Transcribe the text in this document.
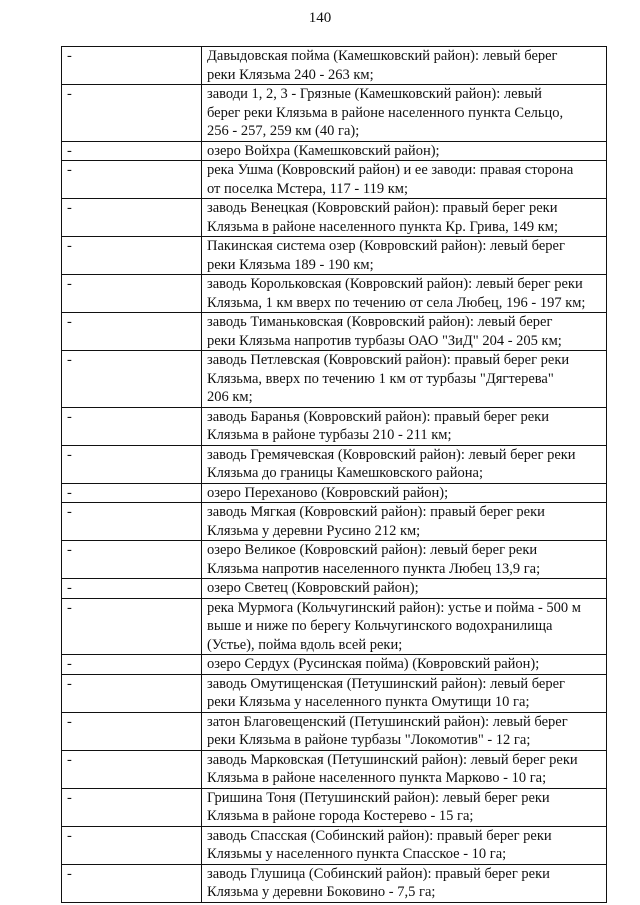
140
-	Давыдовская пойма (Камешковский район): левый берег
реки Клязьма 240 - 263 км;
-	заводи 1, 2, 3 - Грязные (Камешковский район): левый
берег реки Клязьма в районе населенного пункта Сельцо,
256 - 257, 259 км (40 га);
-	озеро Войхра (Камешковский район);
-	река Ушма (Ковровский район) и ее заводи: правая сторона
от поселка Мстера, 117 - 119 км;
-	заводь Венецкая (Ковровский район): правый берег реки
Клязьма в районе населенного пункта Кр. Грива, 149 км;
-	Пакинская система озер (Ковровский район): левый берег
реки Клязьма 189 - 190 км;
-	заводь Корольковская (Ковровский район): левый берег реки
Клязьма, 1 км вверх по течению от села Любец, 196 - 197 км;
-	заводь Тиманьковская (Ковровский район): левый берег
реки Клязьма напротив турбазы ОАО "ЗиД" 204 - 205 км;
-	заводь Петлевская (Ковровский район): правый берег реки
Клязьма, вверх по течению 1 км от турбазы "Дягтерева"
206 км;
-	заводь Баранья (Ковровский район): правый берег реки
Клязьма в районе турбазы 210 - 211 км;
-	заводь Гремячевская (Ковровский район): левый берег реки
Клязьма до границы Камешковского района;
-	озеро Переханово (Ковровский район);
-	заводь Мягкая (Ковровский район): правый берег реки
Клязьма у деревни Русино 212 км;
-	озеро Великое (Ковровский район): левый берег реки
Клязьма напротив населенного пункта Любец 13,9 га;
-	озеро Светец (Ковровский район);
-	река Мурмога (Кольчугинский район): устье и пойма - 500 м
выше и ниже по берегу Кольчугинского водохранилища
(Устье), пойма вдоль всей реки;
-	озеро Сердух (Русинская пойма) (Ковровский район);
-	заводь Омутищенская (Петушинский район): левый берег
реки Клязьма у населенного пункта Омутищи 10 га;
-	затон Благовещенский (Петушинский район): левый берег
реки Клязьма в районе турбазы "Локомотив" - 12 га;
-	заводь Марковская (Петушинский район): левый берег реки
Клязьма в районе населенного пункта Марково - 10 га;
-	Гришина Тоня (Петушинский район): левый берег реки
Клязьма в районе города Костерево - 15 га;
-	заводь Спасская (Собинский район): правый берег реки
Клязьмы у населенного пункта Спасское - 10 га;
-	заводь Глушица (Собинский район): правый берег реки
Клязьма у деревни Боковино - 7,5 га;
